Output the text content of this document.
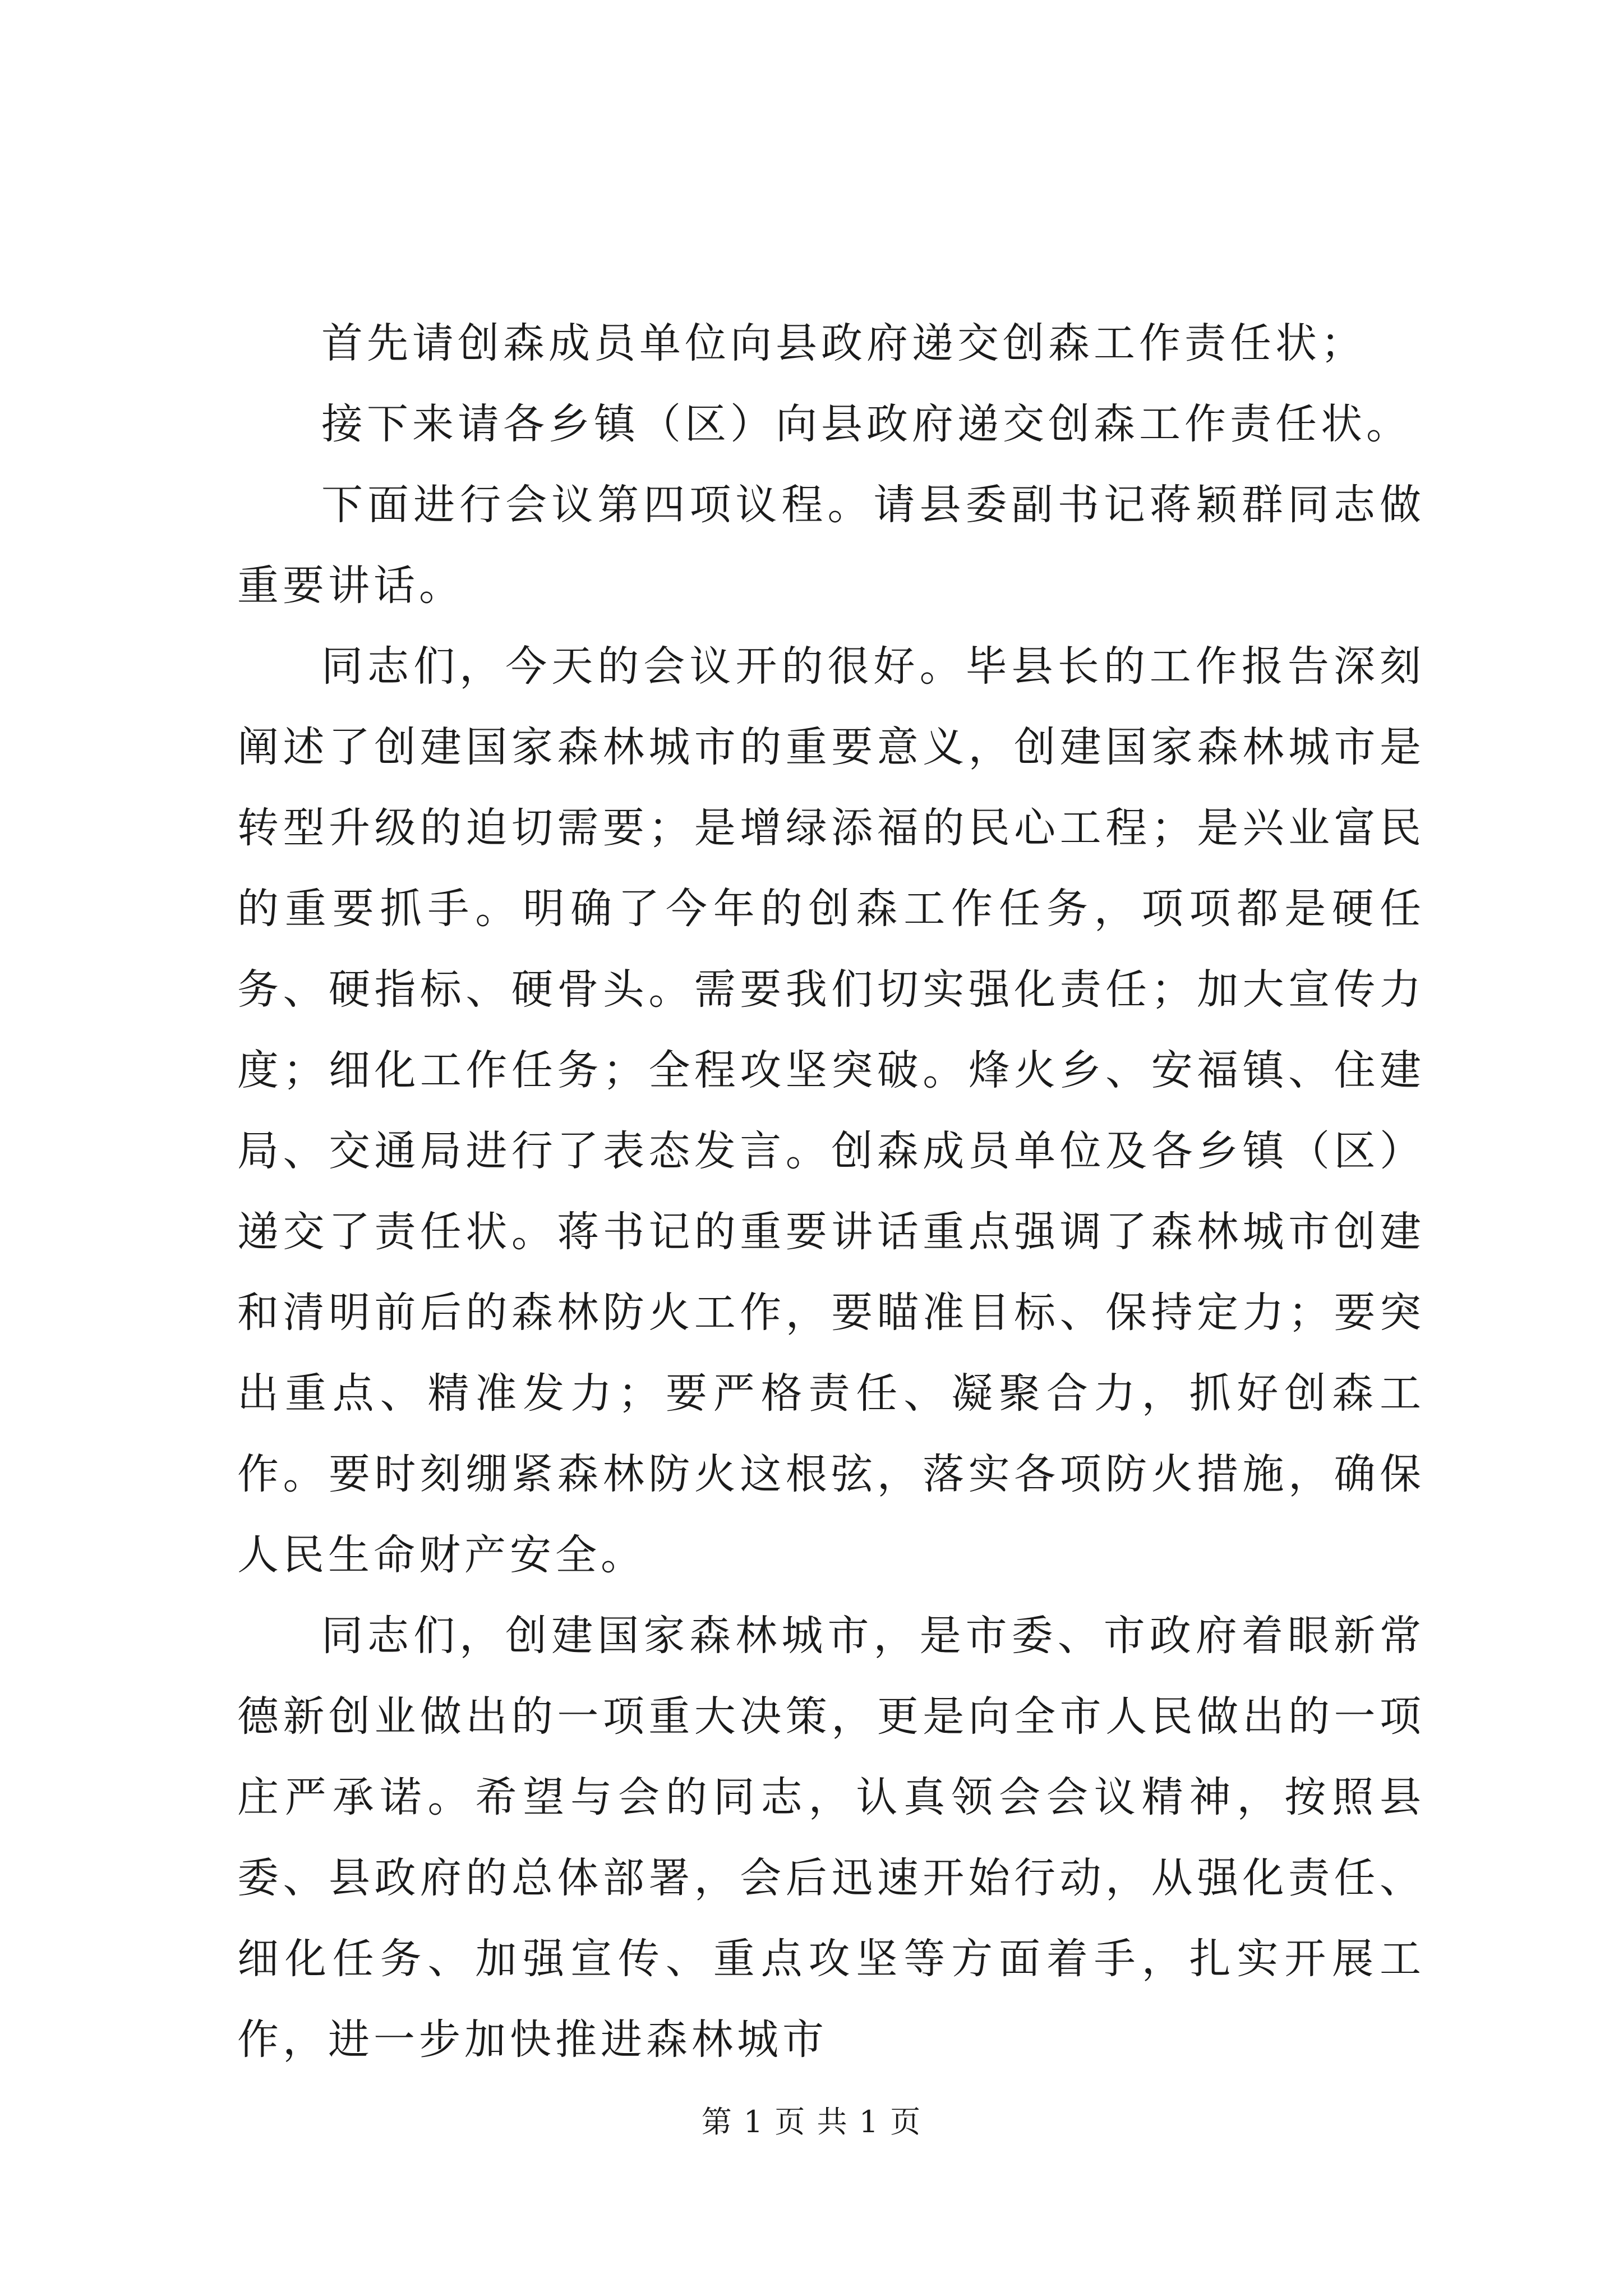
首先请创森成员单位向县政府递交创森工作责任状；

接下来请各乡镇（区）向县政府递交创森工作责任状。

下面进行会议第四项议程。请县委副书记蒋颖群同志做重要讲话。

同志们，今天的会议开的很好。毕县长的工作报告深刻阐述了创建国家森林城市的重要意义，创建国家森林城市是转型升级的迫切需要；是增绿添福的民心工程；是兴业富民的重要抓手。明确了今年的创森工作任务，项项都是硬任务、硬指标、硬骨头。需要我们切实强化责任；加大宣传力度；细化工作任务；全程攻坚突破。烽火乡、安福镇、住建局、交通局进行了表态发言。创森成员单位及各乡镇（区）递交了责任状。蒋书记的重要讲话重点强调了森林城市创建和清明前后的森林防火工作，要瞄准目标、保持定力；要突出重点、精准发力；要严格责任、凝聚合力，抓好创森工作。要时刻绷紧森林防火这根弦，落实各项防火措施，确保人民生命财产安全。

同志们，创建国家森林城市，是市委、市政府着眼新常德新创业做出的一项重大决策，更是向全市人民做出的一项庄严承诺。希望与会的同志，认真领会会议精神，按照县委、县政府的总体部署，会后迅速开始行动，从强化责任、细化任务、加强宣传、重点攻坚等方面着手，扎实开展工作，进一步加快推进森林城市

第 1 页 共 1 页
